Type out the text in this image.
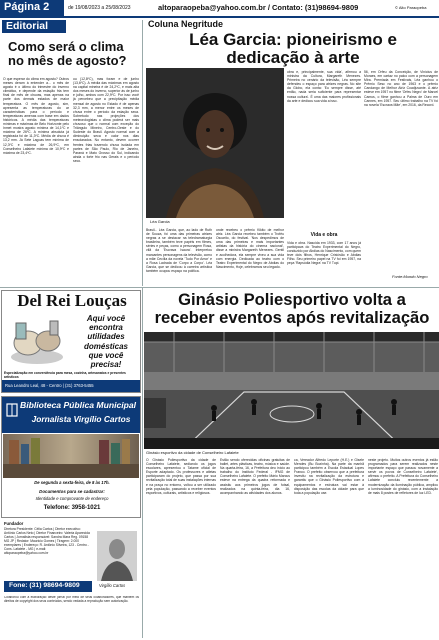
Página 2	de 19/08/2023 a 25/08/2023	altoparaopeba@yahoo.com.br / Contato: (31)98694-9809	© Alto Paraopeba
Editorial
Como será o clima no mês de agosto?
O que esperar do clima em agosto? Outros meses deram à entender a... o mês de agosto é o último do trimestre do inverno climático, e depende da estação fria tem final de mês de chuvas, mas apenas na parte dos demais estados de maior temperatura. O mês de agosto, sim, apresenta as temperaturas do ar características para o período e temperaturas amenas com base em dados históricos. A média das temperaturas mínimas e máximas de Belo Horizonte pelo Inmet mostra agosto mínima de 14,1ºC e máxima de 26ºC. A mínima absoluta já registrada foi de 11,3ºC. Média de chuva é 13,2 mm. Já Sete Lagoas tem mínima de 12,3ºC e máxima de 26,9ºC, em Conselheiro Lafaiete mínima de 10,9ºC e máxima de 23,4ºC.
ou (12,8ºC), mas foram e de junho (13,6ºC). A média das máximas em agosto na capital mineira é de 24,2ºC, e mais alta dos meses do inverno, superior às de junho e julho, ambos com 22,9ºC. Por isso você já percebeu que a precipitação média mensal de agosto no Estado é de apenas 32,3 mm, a menor entre os meses de chuva entre o período da estação seca. Sobretudo nas projeções dos meteorologistas o clima poderá ser mais chuvoso que o normal com exceção do Triângulo Mineiro, Centro-Oeste e do Sudeste do Brasil. Agosto normal com a diminuição seca e calor nos dias ensolarados. No entanto, devem ocorrer frentes frias trazendo chuva isolada em partes de São Paulo, Rio de Janeiro, Paraná e Mato Grosso do Sul, indicando ainda o forte frio nas Gerais e o período seco.
Coluna Negritude
Léa Garcia: pioneirismo e dedicação à arte
Léa Garcia
obra e, principalmente, sua vida', afirmou a ministra da Cultura, Margareth Menezes. Primeira no cenário da televisão, Léa sempre defendeu o espaço para atrizes negras. No site da Globo, ela conta: 'Eu sempre disse, até então, nada seria suficiente para representar nossa cultura'. É uma das maiores profissionais da arte e dedicou sua vida a isso.
Vida e obra
Vida e obra. Nascida em 1933, com 17 anos já participava do Teatro Experimental do Negro, conduzido por Abdias do Nascimento, com quem teve dois filhos, Henrique Cristóvão e Abdias Filho. Seu primeiro papel na TV foi em 1957, na peça 'Rapsódia Negra' na TV Tupi.
56, em Orfeu da Conceição, de Vinícius de Moraes, em cartaz no palco com a personagem Mira. Premiada em Festivais, Léa ganhou o Prêmio Sesc no ano de 1963 e o prêmio Candango de Melhor Atriz Coadjuvante. A atriz esteve em 1957 no filme 'Orfeu Negro' de Marcel Camus, o filme ganhou a Palma de Ouro em Cannes, em 1957. Seu último trabalho na TV foi na novela 'Escrava Mãe', em 2016, da Record.
Fonte:Mundo Negro
Brasil... Léa Garcia, que, ao lado de Ruth de Souza, foi uma das primeiras atrizes negras a se destacar na teledramaturgia brasileira, também teve papéis em filmes, séries e peças, como a personagem Rosa, vilã da 'Escrava Isaura'. Interpretou marcantes personagens da televisão, como a mãe Cecília da novela 'Tudo Por Amor' e a Rosa Ladrada de 'Corpo a Corpo'. Léa Garcia, que se dedicou à carreira artística também ocupou espaço na política.
onde recebeu o prêmio Kikito de melhor atriz. Léa Garcia recebeu também o Troféu Oscarito, do festival. 'Nos despedimos de uma das primeiras e mais importantes artistas da história do cinema nacional', disse a ministra Margareth Menezes. Gentil e acolhedora, ela sempre viveu a sua vida com energia. Dedicada ao teatro com o Teatro Experimental do Negro de Abdias do Nascimento, Hoje, celebramos seu legado.
Del Rei Louças
Aqui você
encontra
utilidades
domésticas
que você
precisa!
Especialização em conveniência para mesa, cozinha, artesanatos e presentes artísticos
Rua Leandro Leal, 48 - Centro | (31) 3763-5455
Biblioteca Pública Municipal
Jornalista Virgílio Cartos
De segunda a sexta-feira, de 8 às 17h.
Documentos para se cadastrar:
Identidade e comprovante de endereço
Telefone: 3958-1021
Fundador
Diretora Presidente: Célia Cartos | Diretor executivo: Antônio Carlos Neto | Diretor Financeiro: Valeria Aparecida Cartos | Jornalista responsável: Sandra Mara Reg. 09158 MG JP | Redator: Mauricio Gomes | Tiragem: 2.000 exemplares | Endereço: R. Antônio Silveira, 123 - Centro - Cons. Lafaiete - MG | e-mail: altoparaopeba@yahoo.com.br
Virgílio Cartos
Fone: (31) 98694-9809
Colaborou com a elaboração deste jornal por meio de seus colaboradores, que mantêm os direitos de copyright dos seus conteúdos, sendo vedada a reprodução sem autorização.
Ginásio Poliesportivo volta a receber eventos após revitalização
Ginásio esportivo da cidade de Conselheiro Lafaiete
O Ginásio Poliesportivo da cidade de Conselheiro Lafaiete, sediando os jogos escolares, apresentou o Tatame oficial de Esporte adaptado. Os professores e atletas participaram do projeto, que passa por sua revitalização total de suas instalações internas e na praça no entorno, voltou a ser utilizado pela população, passando a receber eventos esportivos, culturais, artísticos e religiosos.
Estão sendo oferecidas oficinas gratuitas de ballet, artes plásticas, teatro, música e saúde. Na quarta-feira, 16, a Prefeitura deu início ao trabalho do Instituto Federal - IFMG de Conselheiro Lafaiete. O prefeito Mário Marcus esteve na entrega da quadra reformada e assistiu aos primeiros jogos de futsal, realizados na quinta-feira, dia 16, acompanhando as atividades dos alunos.
ca, Vereador Alfredo Leporte (H.E.) e Gisele Mendes (Bu Bozinha). Na parte da manhã participou também a Escola Estadual Lopes Franco. O prefeito observou que a prefeitura investiu na revitalização da estrutura e garantiu que o Ginásio Poliesportivo com a equipamentos e estrutura vai estar à disposição das escolas da cidade para que toda a população use.
neste projeto. Muitos outros eventos já estão programados para serem realizados neste importante espaço que passou novamente a servir os povos de Conselheiro Lafaiete', afirmou o prefeito. A Prefeitura do Conselheiro Lafaiete concluiu recentemente a modernização da iluminação pública, ampliou a luminosidade do ginásio, com a instalação de mais 8 postes de refletores de luz LED.
